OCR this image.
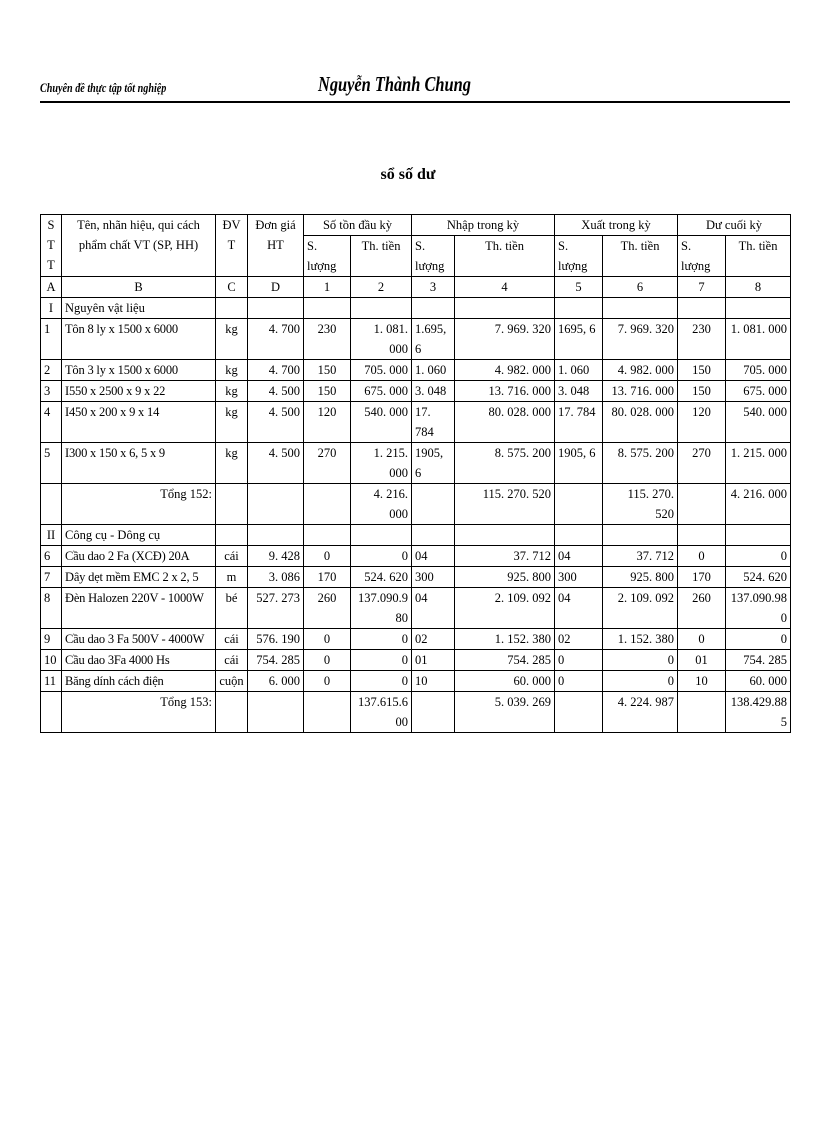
Chuyên đề thực tập tốt nghiệp	Nguyễn Thành Chung
sổ số dư
S T T	Tên, nhãn hiệu, qui cách phẩm chất VT (SP, HH)	ĐV T	Đơn giá HT	Số tồn đầu kỳ		Nhập trong kỳ		Xuất trong kỳ		Dư cuối kỳ	
				S. lượng	Th. tiền	S. lượng	Th. tiền	S. lượng	Th. tiền	S. lượng	Th. tiền
A	B	C	D	1	2	3	4	5	6	7	8
I	Nguyên vật liệu										
1	Tôn 8 ly x 1500 x 6000	kg	4. 700	230	1. 081. 000	1.695, 6	7. 969. 320	1695, 6	7. 969. 320	230	1. 081. 000
2	Tôn 3 ly x 1500 x 6000	kg	4. 700	150	705. 000	1. 060	4. 982. 000	1. 060	4. 982. 000	150	705. 000
3	I550 x 2500 x 9 x 22	kg	4. 500	150	675. 000	3. 048	13. 716. 000	3. 048	13. 716. 000	150	675. 000
4	I450 x 200 x 9 x 14	kg	4. 500	120	540. 000	17. 784	80. 028. 000	17. 784	80. 028. 000	120	540. 000
5	I300 x 150 x 6, 5 x 9	kg	4. 500	270	1. 215. 000	1905, 6	8. 575. 200	1905, 6	8. 575. 200	270	1. 215. 000
	Tổng 152:				4. 216. 000		115. 270. 520		115. 270. 520		4. 216. 000
II	Công cụ - Dông cụ										
6	Cầu dao 2 Fa (XCĐ) 20A	cái	9. 428	0	0	04	37. 712	04	37. 712	0	0
7	Dây dẹt mềm EMC 2 x 2, 5	m	3. 086	170	524. 620	300	925. 800	300	925. 800	170	524. 620
8	Đèn Halozen 220V - 1000W	bé	527. 273	260	137.090.980	04	2. 109. 092	04	2. 109. 092	260	137.090.980
9	Cầu dao 3 Fa 500V - 4000W	cái	576. 190	0	0	02	1. 152. 380	02	1. 152. 380	0	0
10	Cầu dao 3Fa 4000 Hs	cái	754. 285	0	0	01	754. 285	0	0	01	754. 285
11	Băng dính cách điện	cuộn	6. 000	0	0	10	60. 000	0	0	10	60. 000
	Tổng 153:				137.615.600		5. 039. 269		4. 224. 987		138.429.885
